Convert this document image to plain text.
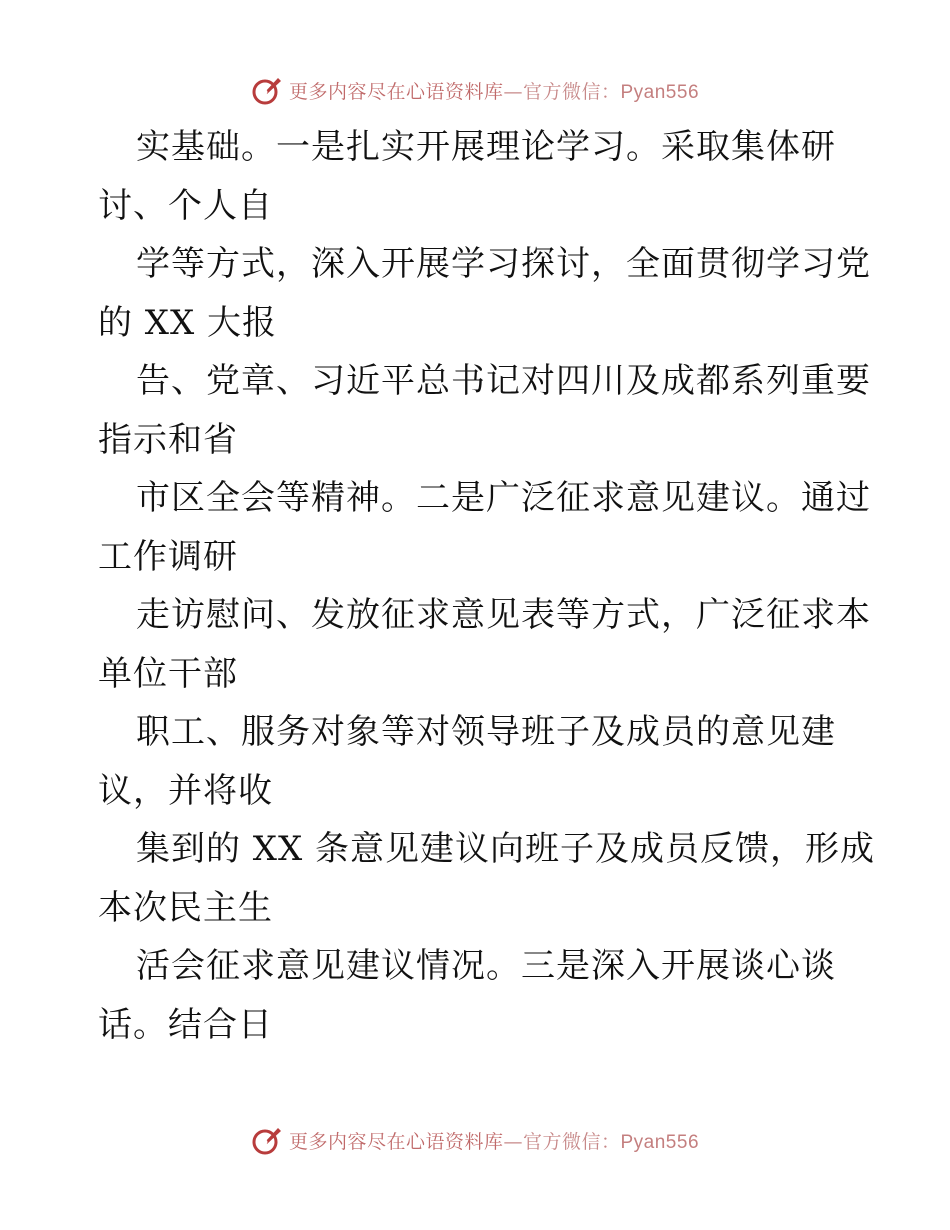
更多内容尽在心语资料库—官方微信：Pyan556
实基础。一是扎实开展理论学习。采取集体研
讨、个人自
学等方式，深入开展学习探讨，全面贯彻学习党
的 XX 大报
告、党章、习近平总书记对四川及成都系列重要
指示和省
市区全会等精神。二是广泛征求意见建议。通过
工作调研
走访慰问、发放征求意见表等方式，广泛征求本
单位干部
职工、服务对象等对领导班子及成员的意见建
议，并将收
集到的 XX 条意见建议向班子及成员反馈，形成
本次民主生
活会征求意见建议情况。三是深入开展谈心谈
话。结合日
更多内容尽在心语资料库—官方微信：Pyan556
